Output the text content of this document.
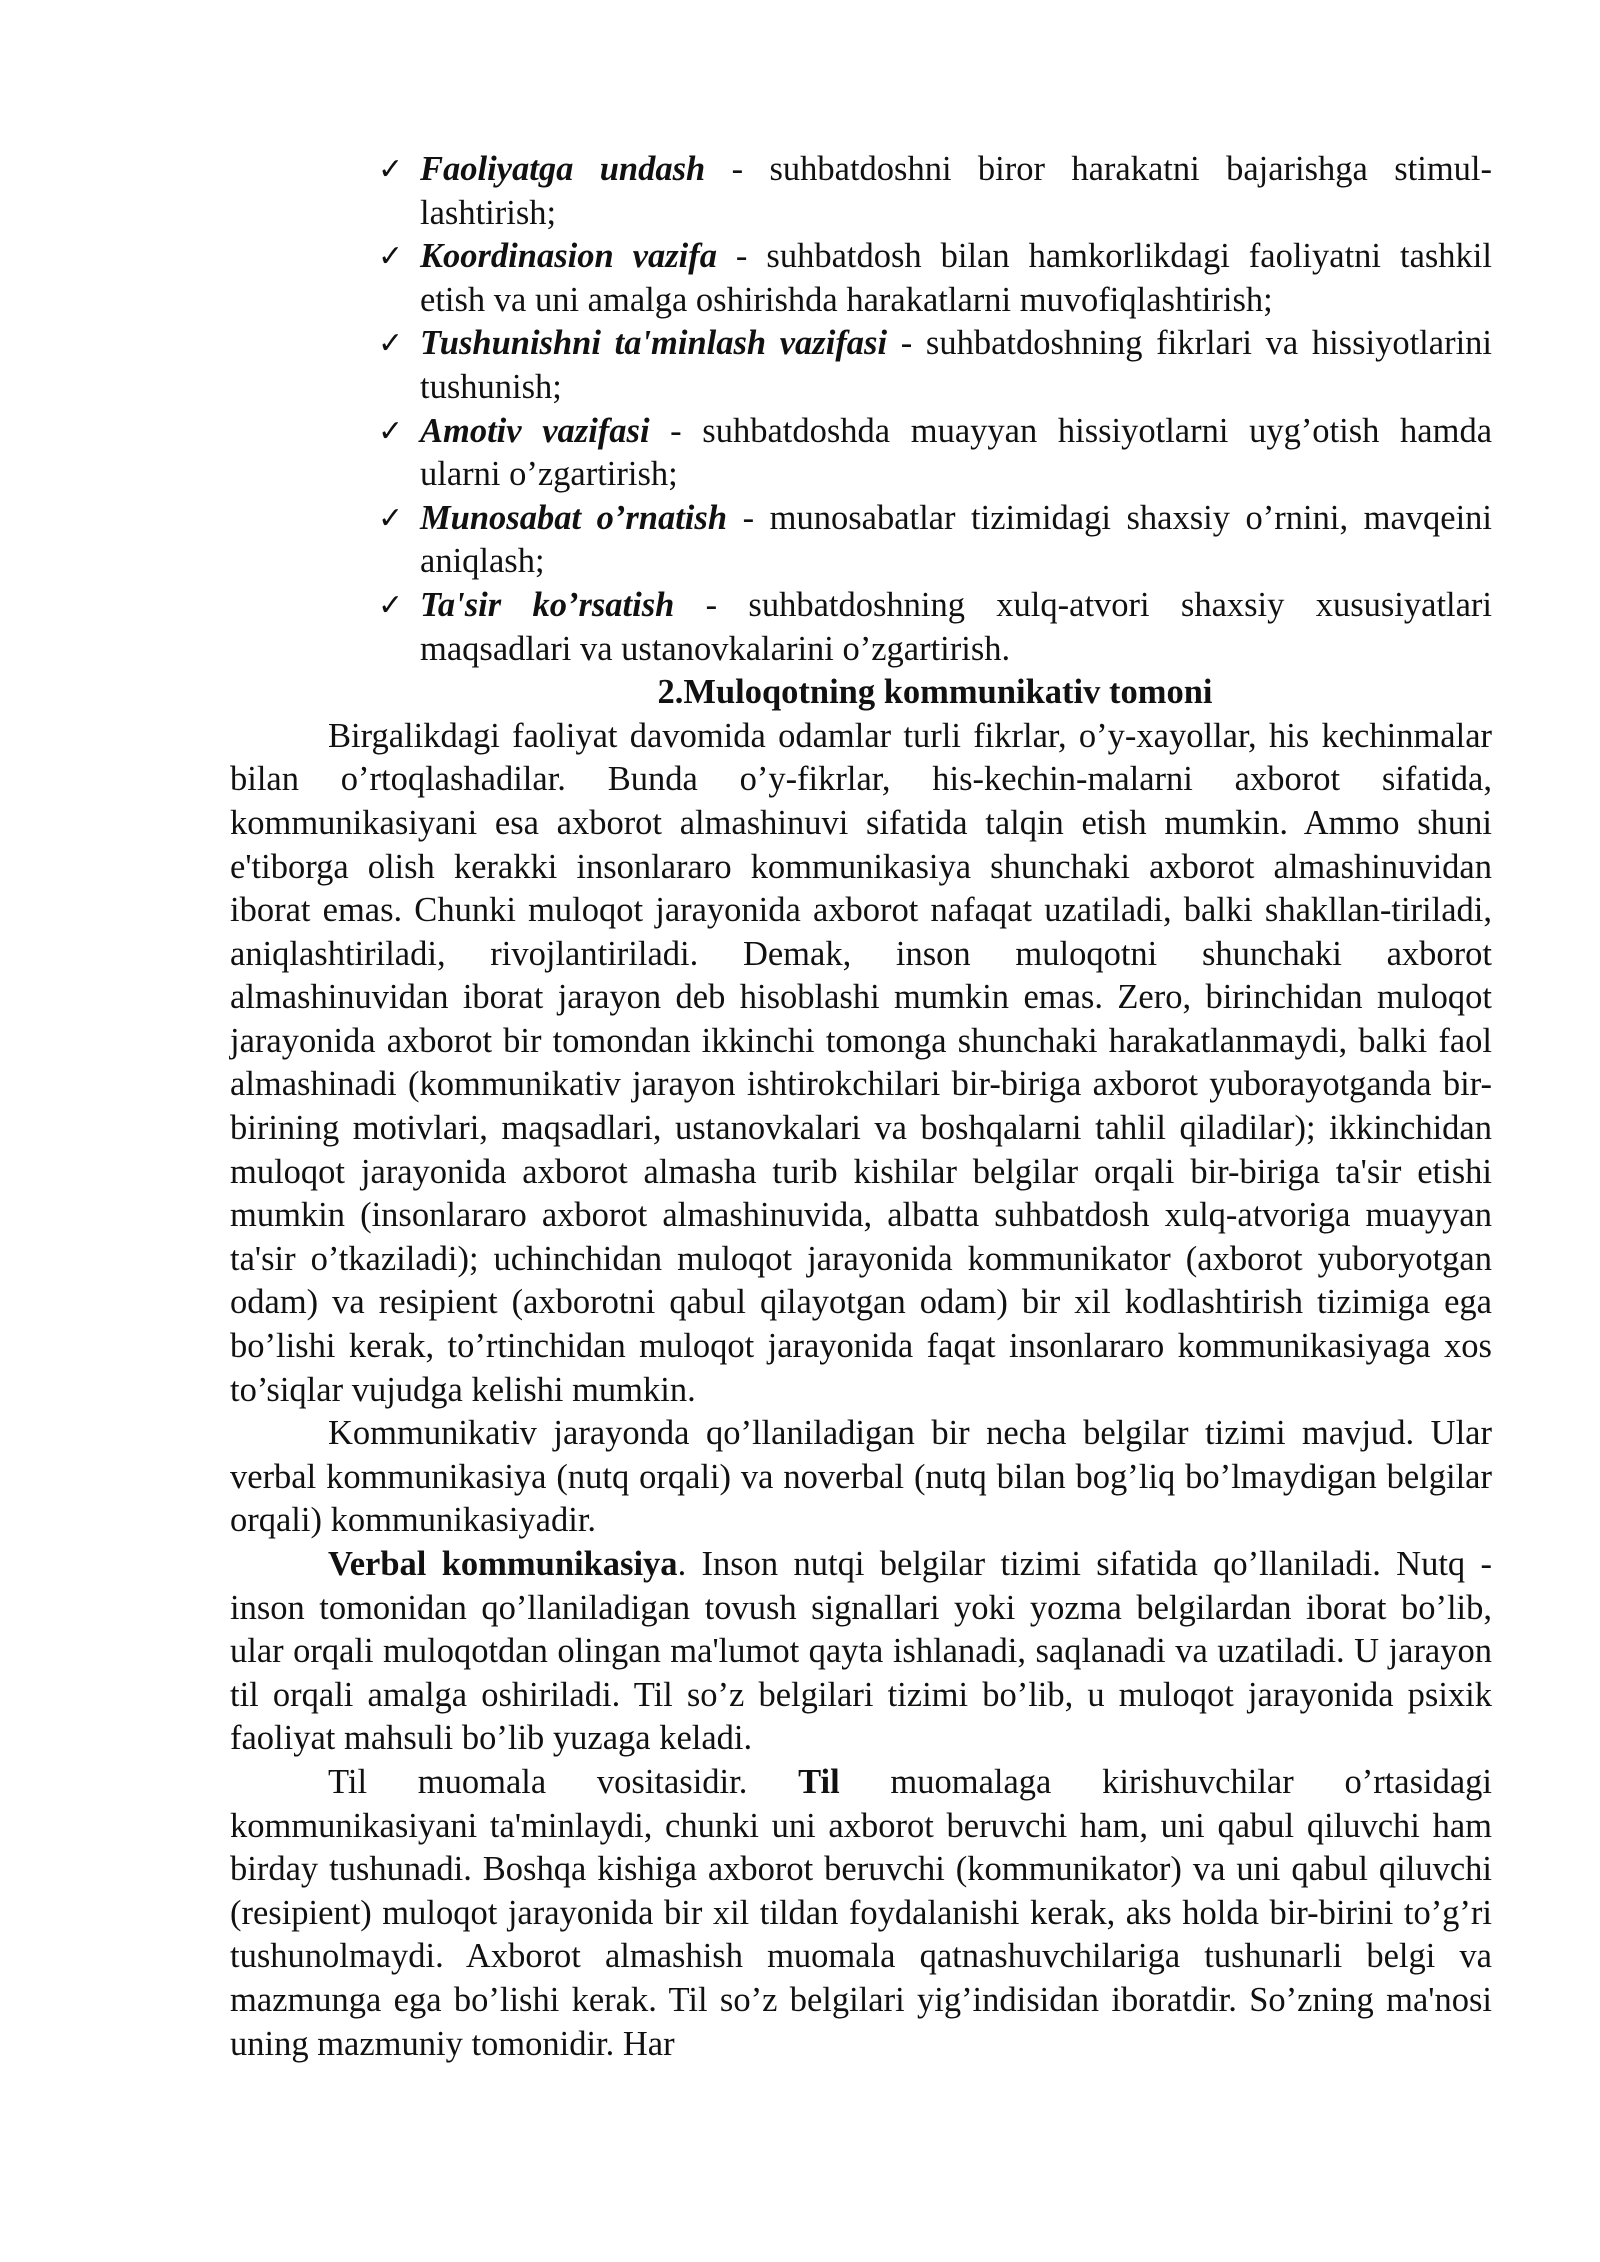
✓ Faoliyatga undash - suhbatdoshni biror harakatni bajarishga stimul-lashtirish;
✓ Koordinasion vazifa - suhbatdosh bilan hamkorlikdagi faoliyatni tashkil etish va uni amalga oshirishda harakatlarni muvofiqlashtirish;
✓ Tushunishni ta'minlash vazifasi - suhbatdoshning fikrlari va hissiyotlarini tushunish;
✓ Amotiv vazifasi - suhbatdoshda muayyan hissiyotlarni uyg’otish hamda ularni o’zgartirish;
✓ Munosabat o’rnatish - munosabatlar tizimidagi shaxsiy o’rnini, mavqeini aniqlash;
✓ Ta'sir ko’rsatish - suhbatdoshning xulq-atvori shaxsiy xususiyatlari maqsadlari va ustanovkalarini o’zgartirish.
2.Muloqotning kommunikativ tomoni

Birgalikdagi faoliyat davomida odamlar turli fikrlar, o’y-xayollar, his kechinmalar bilan o’rtoqlashadilar. Bunda o’y-fikrlar, his-kechin-malarni axborot sifatida, kommunikasiyani esa axborot almashinuvi sifatida talqin etish mumkin. Ammo shuni e'tiborga olish kerakki insonlararo kommunikasiya shunchaki axborot almashinuvidan iborat emas. Chunki muloqot jarayonida axborot nafaqat uzatiladi, balki shakllan-tiriladi, aniqlashtiriladi, rivojlantiriladi. Demak, inson muloqotni shunchaki axborot almashinuvidan iborat jarayon deb hisoblashi mumkin emas. Zero, birinchidan muloqot jarayonida axborot bir tomondan ikkinchi tomonga shunchaki harakatlanmaydi, balki faol almashinadi (kommunikativ jarayon ishtirokchilari bir-biriga axborot yuborayotganda bir-birining motivlari, maqsadlari, ustanovkalari va boshqalarni tahlil qiladilar); ikkinchidan muloqot jarayonida axborot almasha turib kishilar belgilar orqali bir-biriga ta'sir etishi mumkin (insonlararo axborot almashinuvida, albatta suhbatdosh xulq-atvoriga muayyan ta'sir o’tkaziladi); uchinchidan muloqot jarayonida kommunikator (axborot yuboryotgan odam) va resipient (axborotni qabul qilayotgan odam) bir xil kodlashtirish tizimiga ega bo’lishi kerak, to’rtinchidan muloqot jarayonida faqat insonlararo kommunikasiyaga xos to’siqlar vujudga kelishi mumkin.

Kommunikativ jarayonda qo’llaniladigan bir necha belgilar tizimi mavjud. Ular verbal kommunikasiya (nutq orqali) va noverbal (nutq bilan bog’liq bo’lmaydigan belgilar orqali) kommunikasiyadir.

Verbal kommunikasiya. Inson nutqi belgilar tizimi sifatida qo’llaniladi. Nutq - inson tomonidan qo’llaniladigan tovush signallari yoki yozma belgilardan iborat bo’lib, ular orqali muloqotdan olingan ma'lumot qayta ishlanadi, saqlanadi va uzatiladi. U jarayon til orqali amalga oshiriladi. Til so’z belgilari tizimi bo’lib, u muloqot jarayonida psixik faoliyat mahsuli bo’lib yuzaga keladi.

Til muomala vositasidir. Til muomalaga kirishuvchilar o’rtasidagi kommunikasiyani ta'minlaydi, chunki uni axborot beruvchi ham, uni qabul qiluvchi ham birday tushunadi. Boshqa kishiga axborot beruvchi (kommunikator) va uni qabul qiluvchi (resipient) muloqot jarayonida bir xil tildan foydalanishi kerak, aks holda bir-birini to’g’ri tushunolmaydi. Axborot almashish muomala qatnashuvchilariga tushunarli belgi va mazmunga ega bo’lishi kerak. Til so’z belgilari yig’indisidan iboratdir. So’zning ma'nosi uning mazmuniy tomonidir. Har
